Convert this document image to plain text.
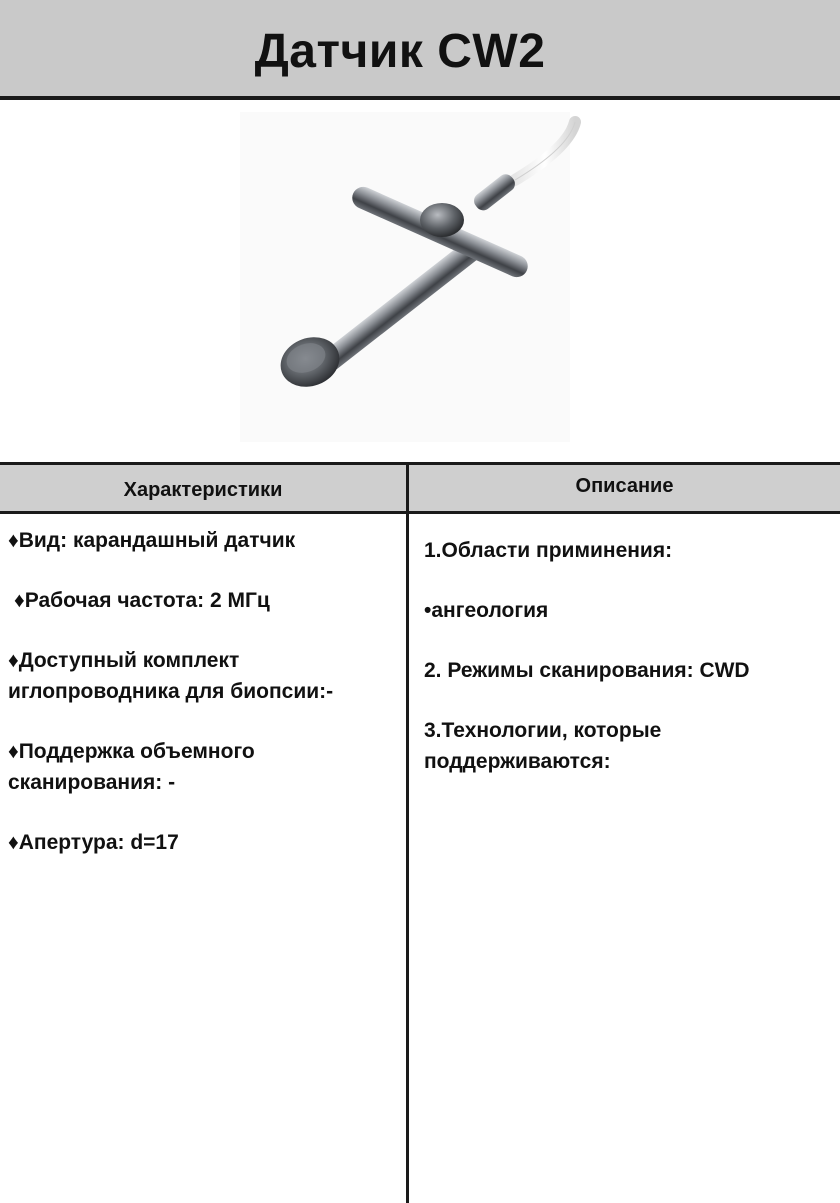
Датчик CW2
Характеристики	Описание
♦Вид: карандашный датчик
♦Рабочая частота: 2 МГц
♦Доступный комплект иглопроводника для биопсии:-
♦Поддержка объемного сканирования: -
♦Апертура: d=17
1.Области приминения:
•ангеология
2. Режимы сканирования: CWD
3.Технологии, которые поддерживаются:
